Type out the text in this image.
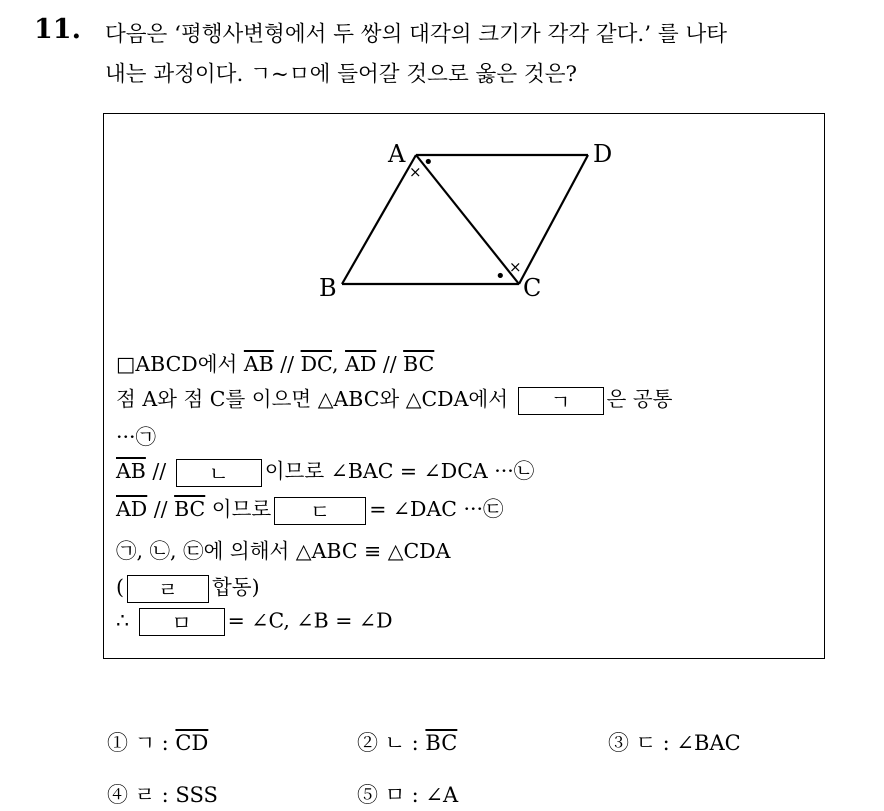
11. 다음은 ‘평행사변형에서 두 쌍의 대각의 크기가 각각 같다.’ 를 나타
내는 과정이다. ㄱ~ㅁ에 들어갈 것으로 옳은 것은?
A	D
B	C
•
×
• ×
□ABCD에서 $\overline{AB} // \overline{DC}$, $\overline{AD} // \overline{BC}$
점 A와 점 C를 이으면 △ABC와 △CDA에서 ㄱ 은 공통
···㉠
$\overline{AB}$ // ㄴ 이므로 ∠BAC = ∠DCA ···㉡
$\overline{AD} // \overline{BC}$ 이므로 ㄷ = ∠DAC ···㉢
㉠, ㉡, ㉢에 의해서 △ABC ≡ △CDA
( ㄹ 합동)
∴ ㅁ = ∠C, ∠B = ∠D
① ㄱ : $\overline{CD}$	② ㄴ : $\overline{BC}$	③ ㄷ : ∠BAC
④ ㄹ : SSS	⑤ ㅁ : ∠A
